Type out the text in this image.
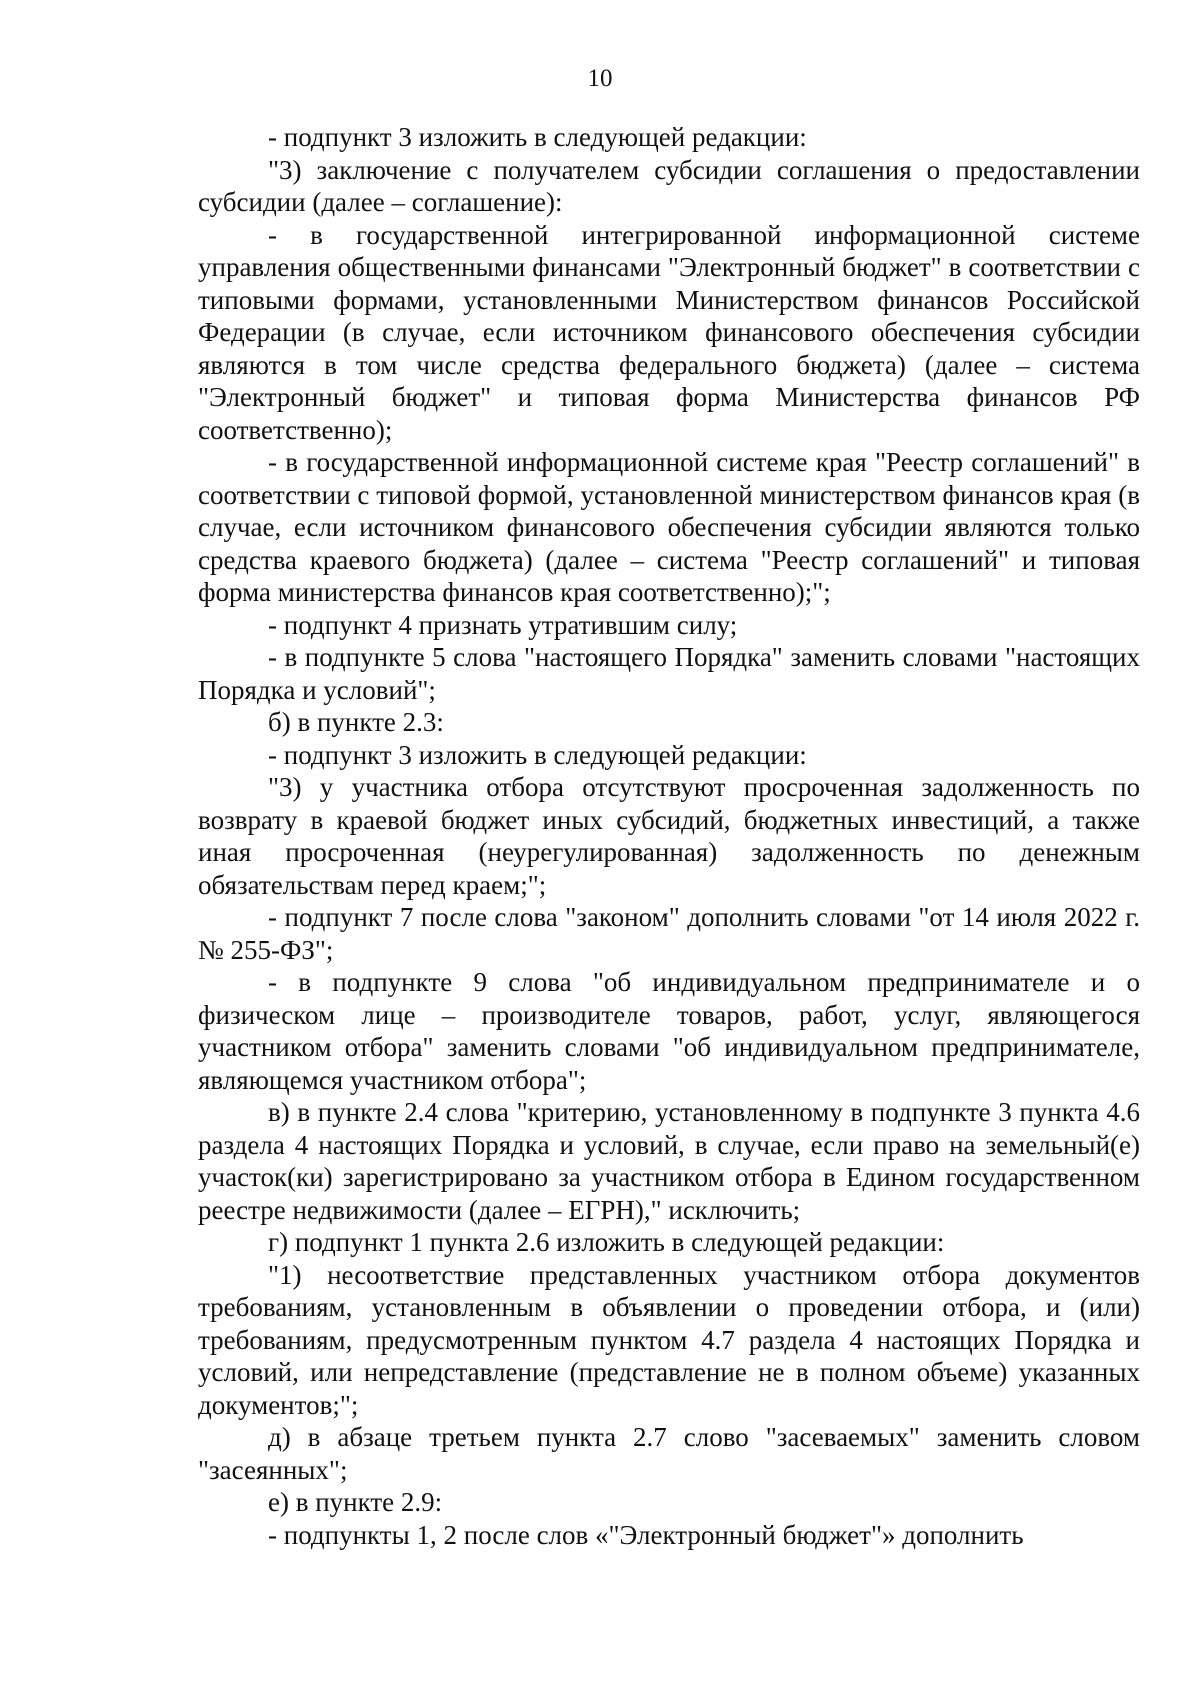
10

- подпункт 3 изложить в следующей редакции:

"3) заключение с получателем субсидии соглашения о предоставлении субсидии (далее – соглашение):

- в государственной интегрированной информационной системе управления общественными финансами "Электронный бюджет" в соответствии с типовыми формами, установленными Министерством финансов Российской Федерации (в случае, если источником финансового обеспечения субсидии являются в том числе средства федерального бюджета) (далее – система "Электронный бюджет" и типовая форма Министерства финансов РФ соответственно);

- в государственной информационной системе края "Реестр соглашений" в соответствии с типовой формой, установленной министерством финансов края (в случае, если источником финансового обеспечения субсидии являются только средства краевого бюджета) (далее – система "Реестр соглашений" и типовая форма министерства финансов края соответственно);";

- подпункт 4 признать утратившим силу;

- в подпункте 5 слова "настоящего Порядка" заменить словами "настоящих Порядка и условий";

б) в пункте 2.3:

- подпункт 3 изложить в следующей редакции:

"3) у участника отбора отсутствуют просроченная задолженность по возврату в краевой бюджет иных субсидий, бюджетных инвестиций, а также иная просроченная (неурегулированная) задолженность по денежным обязательствам перед краем;";

- подпункт 7 после слова "законом" дополнить словами "от 14 июля 2022 г. № 255-ФЗ";

- в подпункте 9 слова "об индивидуальном предпринимателе и о физическом лице – производителе товаров, работ, услуг, являющегося участником отбора" заменить словами "об индивидуальном предпринимателе, являющемся участником отбора";

в) в пункте 2.4 слова "критерию, установленному в подпункте 3 пункта 4.6 раздела 4 настоящих Порядка и условий, в случае, если право на земельный(е) участок(ки) зарегистрировано за участником отбора в Едином государственном реестре недвижимости (далее – ЕГРН)," исключить;

г) подпункт 1 пункта 2.6 изложить в следующей редакции:

"1) несоответствие представленных участником отбора документов требованиям, установленным в объявлении о проведении отбора, и (или) требованиям, предусмотренным пунктом 4.7 раздела 4 настоящих Порядка и условий, или непредставление (представление не в полном объеме) указанных документов;";

д) в абзаце третьем пункта 2.7 слово "засеваемых" заменить словом "засеянных";

е) в пункте 2.9:

- подпункты 1, 2 после слов «"Электронный бюджет"» дополнить
